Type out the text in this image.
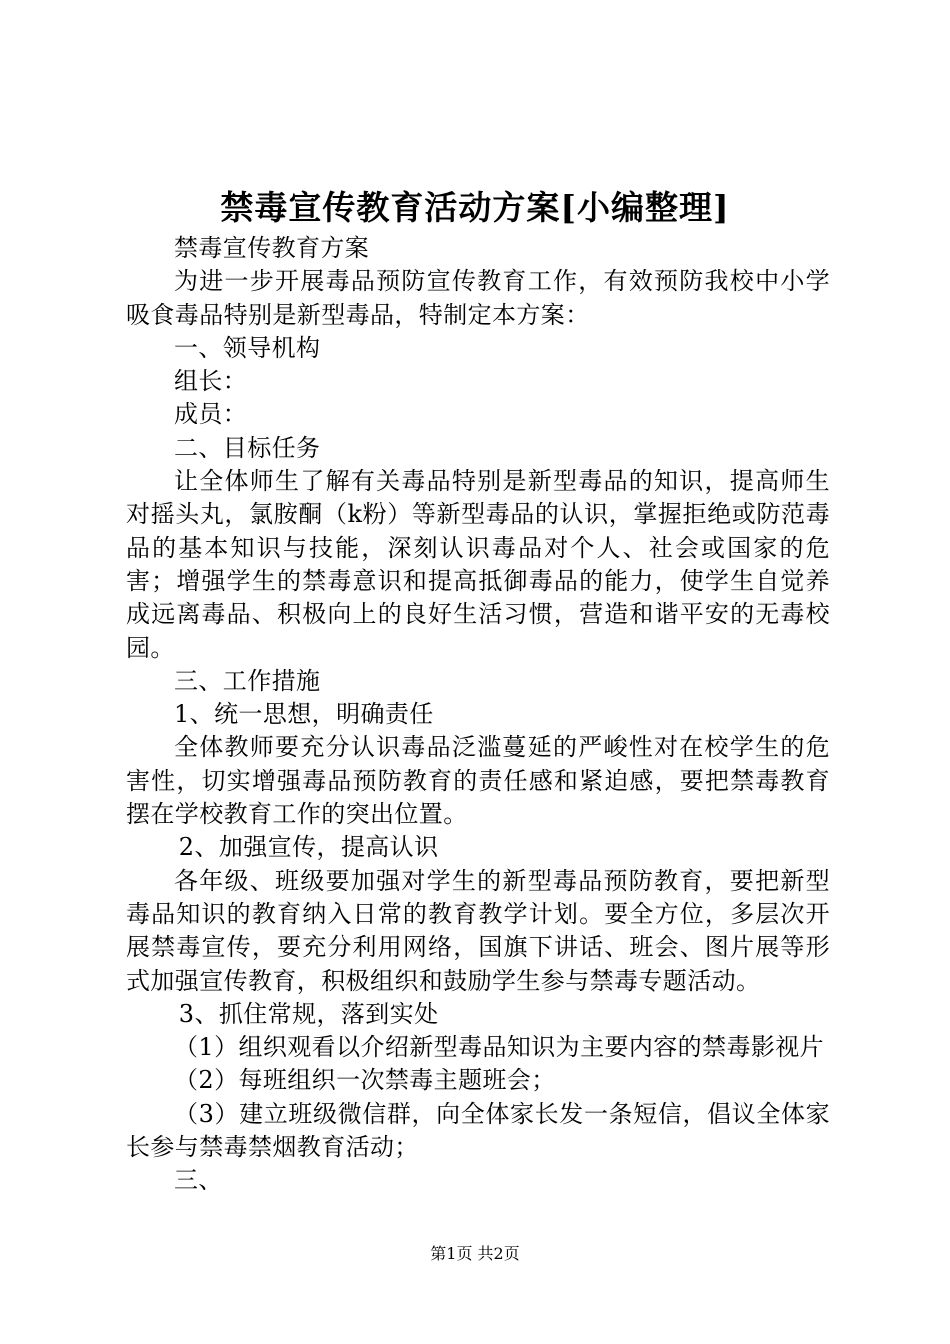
禁毒宣传教育活动方案[小编整理]

禁毒宣传教育方案

为进一步开展毒品预防宣传教育工作，有效预防我校中小学吸食毒品特别是新型毒品，特制定本方案：

一、领导机构

组长：

成员：

二、目标任务

让全体师生了解有关毒品特别是新型毒品的知识，提高师生对摇头丸，氯胺酮（k粉）等新型毒品的认识，掌握拒绝或防范毒品的基本知识与技能，深刻认识毒品对个人、社会或国家的危害；增强学生的禁毒意识和提高抵御毒品的能力，使学生自觉养成远离毒品、积极向上的良好生活习惯，营造和谐平安的无毒校园。

三、工作措施

1、统一思想，明确责任

全体教师要充分认识毒品泛滥蔓延的严峻性对在校学生的危害性，切实增强毒品预防教育的责任感和紧迫感，要把禁毒教育摆在学校教育工作的突出位置。

2、加强宣传，提高认识

各年级、班级要加强对学生的新型毒品预防教育，要把新型毒品知识的教育纳入日常的教育教学计划。要全方位，多层次开展禁毒宣传，要充分利用网络，国旗下讲话、班会、图片展等形式加强宣传教育，积极组织和鼓励学生参与禁毒专题活动。

3、抓住常规，落到实处

（1）组织观看以介绍新型毒品知识为主要内容的禁毒影视片

（2）每班组织一次禁毒主题班会；

（3）建立班级微信群，向全体家长发一条短信，倡议全体家长参与禁毒禁烟教育活动；

三、

第1页 共2页
